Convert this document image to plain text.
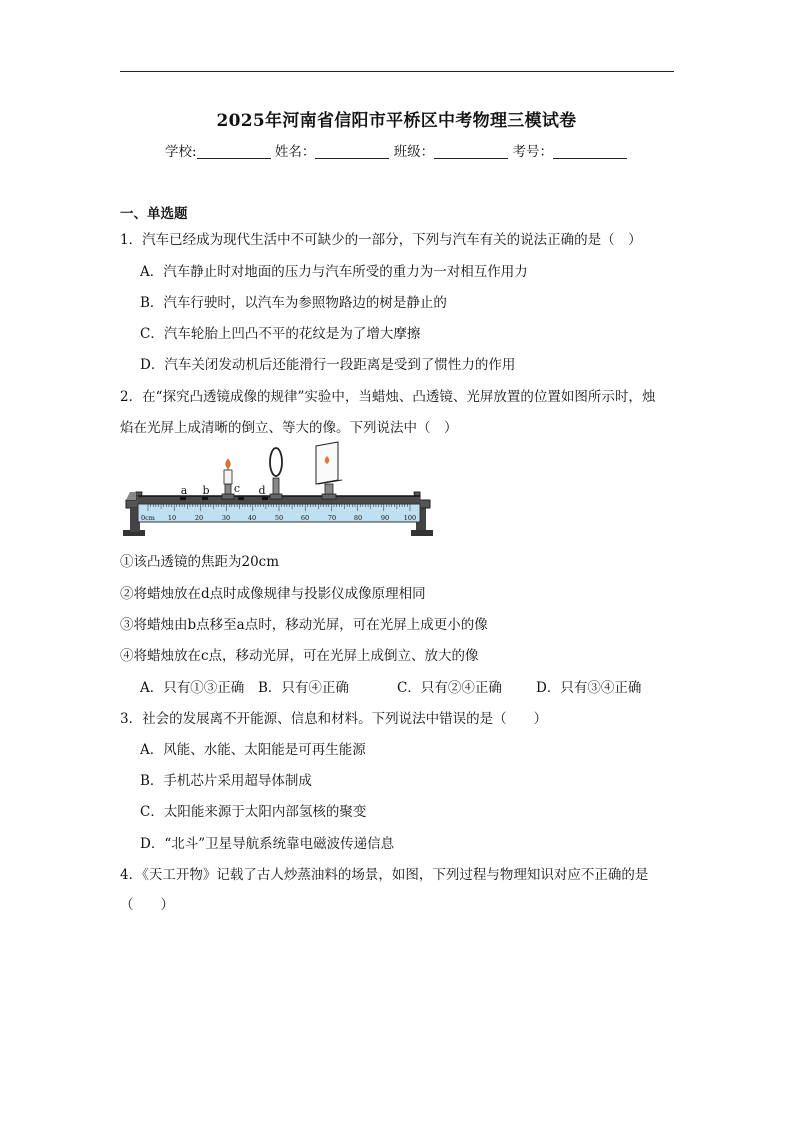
2025年河南省信阳市平桥区中考物理三模试卷
学校:	姓名：	班级：	考号：
一、单选题
1．汽车已经成为现代生活中不可缺少的一部分，下列与汽车有关的说法正确的是（　）
A．汽车静止时对地面的压力与汽车所受的重力为一对相互作用力
B．汽车行驶时，以汽车为参照物路边的树是静止的
C．汽车轮胎上凹凸不平的花纹是为了增大摩擦
D．汽车关闭发动机后还能滑行一段距离是受到了惯性力的作用
2．在“探究凸透镜成像的规律”实验中，当蜡烛、凸透镜、光屏放置的位置如图所示时，烛
焰在光屏上成清晰的倒立、等大的像。下列说法中（　）
0cm 10	20	30	40	50	60	70	80	90 100
a b c d
①该凸透镜的焦距为20cm
②将蜡烛放在d点时成像规律与投影仪成像原理相同
③将蜡烛由b点移至a点时，移动光屏，可在光屏上成更小的像
④将蜡烛放在c点，移动光屏，可在光屏上成倒立、放大的像
A．只有①③正确 B．只有④正确	C．只有②④正确	D．只有③④正确
3．社会的发展离不开能源、信息和材料。下列说法中错误的是（　　）
A．风能、水能、太阳能是可再生能源
B．手机芯片采用超导体制成
C．太阳能来源于太阳内部氢核的聚变
D．“北斗”卫星导航系统靠电磁波传递信息
4．《天工开物》记载了古人炒蒸油料的场景，如图，下列过程与物理知识对应不正确的是
（　　）
